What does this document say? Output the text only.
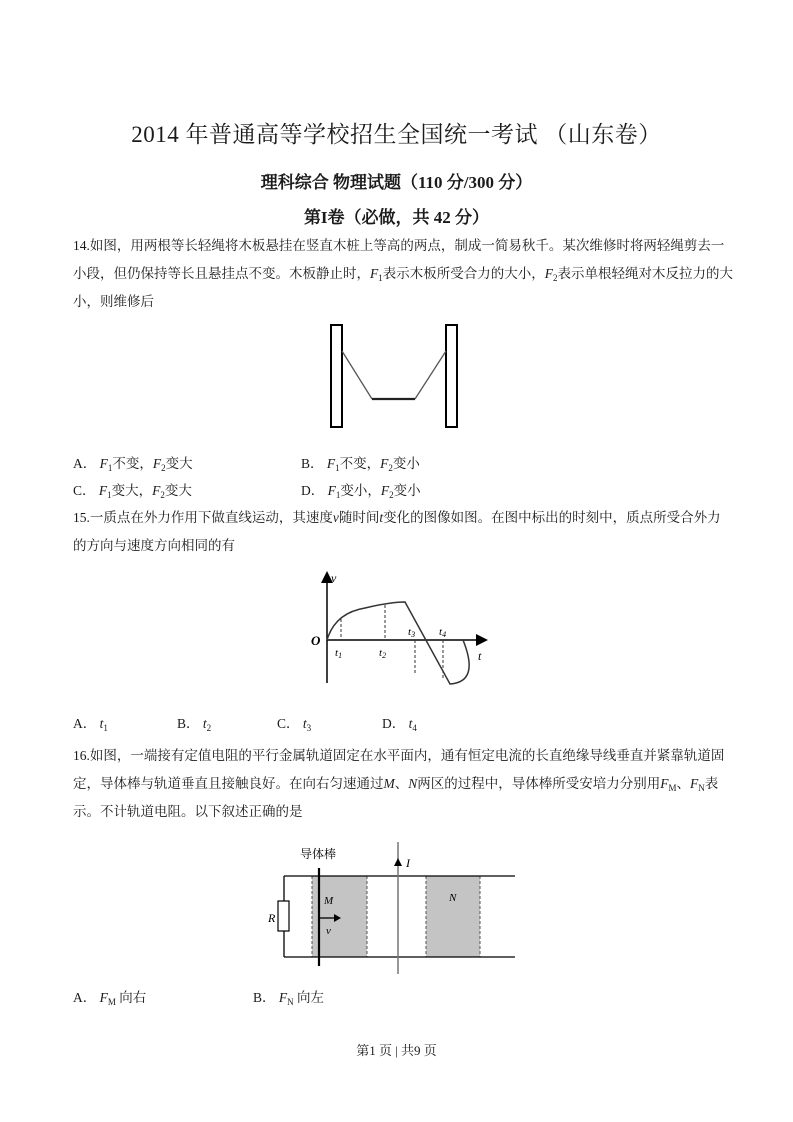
2014 年普通高等学校招生全国统一考试 （山东卷）
理科综合 物理试题（110 分/300 分）
第I卷（必做，共 42 分）
14.如图，用两根等长轻绳将木板悬挂在竖直木桩上等高的两点，制成一简易秋千。某次维修时将两轻绳剪去一小段，但仍保持等长且悬挂点不变。木板静止时，$F_1$表示木板所受合力的大小，$F_2$表示单根轻绳对木反拉力的大小，则维修后
A． $F_1$不变，$F_2$变大	B． $F_1$不变，$F_2$变小
C． $F_1$变大，$F_2$变大	D． $F_1$变小，$F_2$变小
15.一质点在外力作用下做直线运动，其速度v随时间t变化的图像如图。在图中标出的时刻中，质点所受合外力的方向与速度方向相同的有
v
O
t1	t2
t3 t4
t
A． $t_1$	B． $t_2$	C． $t_3$	D． $t_4$
16.如图，一端接有定值电阻的平行金属轨道固定在水平面内，通有恒定电流的长直绝缘导线垂直并紧靠轨道固定，导体棒与轨道垂直且接触良好。在向右匀速通过M、N两区的过程中，导体棒所受安培力分别用$F_M$、$F_N$表示。不计轨道电阻。以下叙述正确的是
R
导体棒
I
M	N
v
A． $F_M$ 向右	B． $F_N$ 向左
第1 页 | 共9 页
